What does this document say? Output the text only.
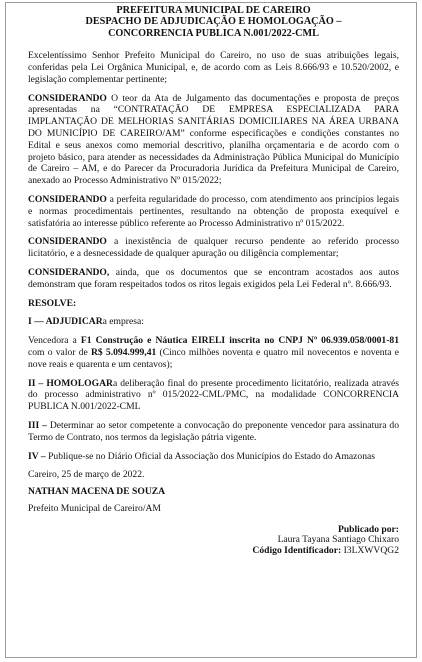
PREFEITURA MUNICIPAL DE CAREIRO
DESPACHO DE ADJUDICAÇÃO E HOMOLOGAÇÃO –
CONCORRENCIA PUBLICA N.001/2022-CML

Excelentíssimo Senhor Prefeito Municipal do Careiro, no uso de suas atribuições legais, conferidas pela Lei Orgânica Municipal, e, de acordo com as Leis 8.666/93 e 10.520/2002, e legislação complementar pertinente;

CONSIDERANDO O teor da Ata de Julgamento das documentações e proposta de preços apresentadas na “CONTRATAÇÃO DE EMPRESA ESPECIALIZADA PARA IMPLANTAÇÃO DE MELHORIAS SANITÁRIAS DOMICILIARES NA ÁREA URBANA DO MUNICÍPIO DE CAREIRO/AM” conforme especificações e condições constantes no Edital e seus anexos como memorial descritivo, planilha orçamentaria e de acordo com o projeto básico, para atender as necessidades da Administração Pública Municipal do Município de Careiro – AM, e do Parecer da Procuradoria Jurídica da Prefeitura Municipal de Careiro, anexado ao Processo Administrativo Nº 015/2022;

CONSIDERANDO a perfeita regularidade do processo, com atendimento aos princípios legais e normas procedimentais pertinentes, resultando na obtenção de proposta exequível e satisfatória ao interesse público referente ao Processo Administrativo nº 015/2022.

CONSIDERANDO a inexistência de qualquer recurso pendente ao referido processo licitatório, e a desnecessidade de qualquer apuração ou diligência complementar;

CONSIDERANDO, ainda, que os documentos que se encontram acostados aos autos demonstram que foram respeitados todos os ritos legais exigidos pela Lei Federal nº. 8.666/93.

RESOLVE:

I — ADJUDICARa empresa:

Vencedora a F1 Construção e Náutica EIRELI inscrita no CNPJ Nº 06.939.058/0001-81 com o valor de R$ 5.094.999,41 (Cinco milhões noventa e quatro mil novecentos e noventa e nove reais e quarenta e um centavos);

II – HOMOLOGARa deliberação final do presente procedimento licitatório, realizada através do processo administrativo nº 015/2022-CML/PMC, na modalidade CONCORRENCIA PUBLICA N.001/2022-CML

III – Determinar ao setor competente a convocação do preponente vencedor para assinatura do Termo de Contrato, nos termos da legislação pátria vigente.

IV – Publique-se no Diário Oficial da Associação dos Municípios do Estado do Amazonas

Careiro, 25 de março de 2022.

NATHAN MACENA DE SOUZA
Prefeito Municipal de Careiro/AM
Publicado por:
Laura Tayana Santiago Chixaro
Código Identificador: I3LXWVQG2
